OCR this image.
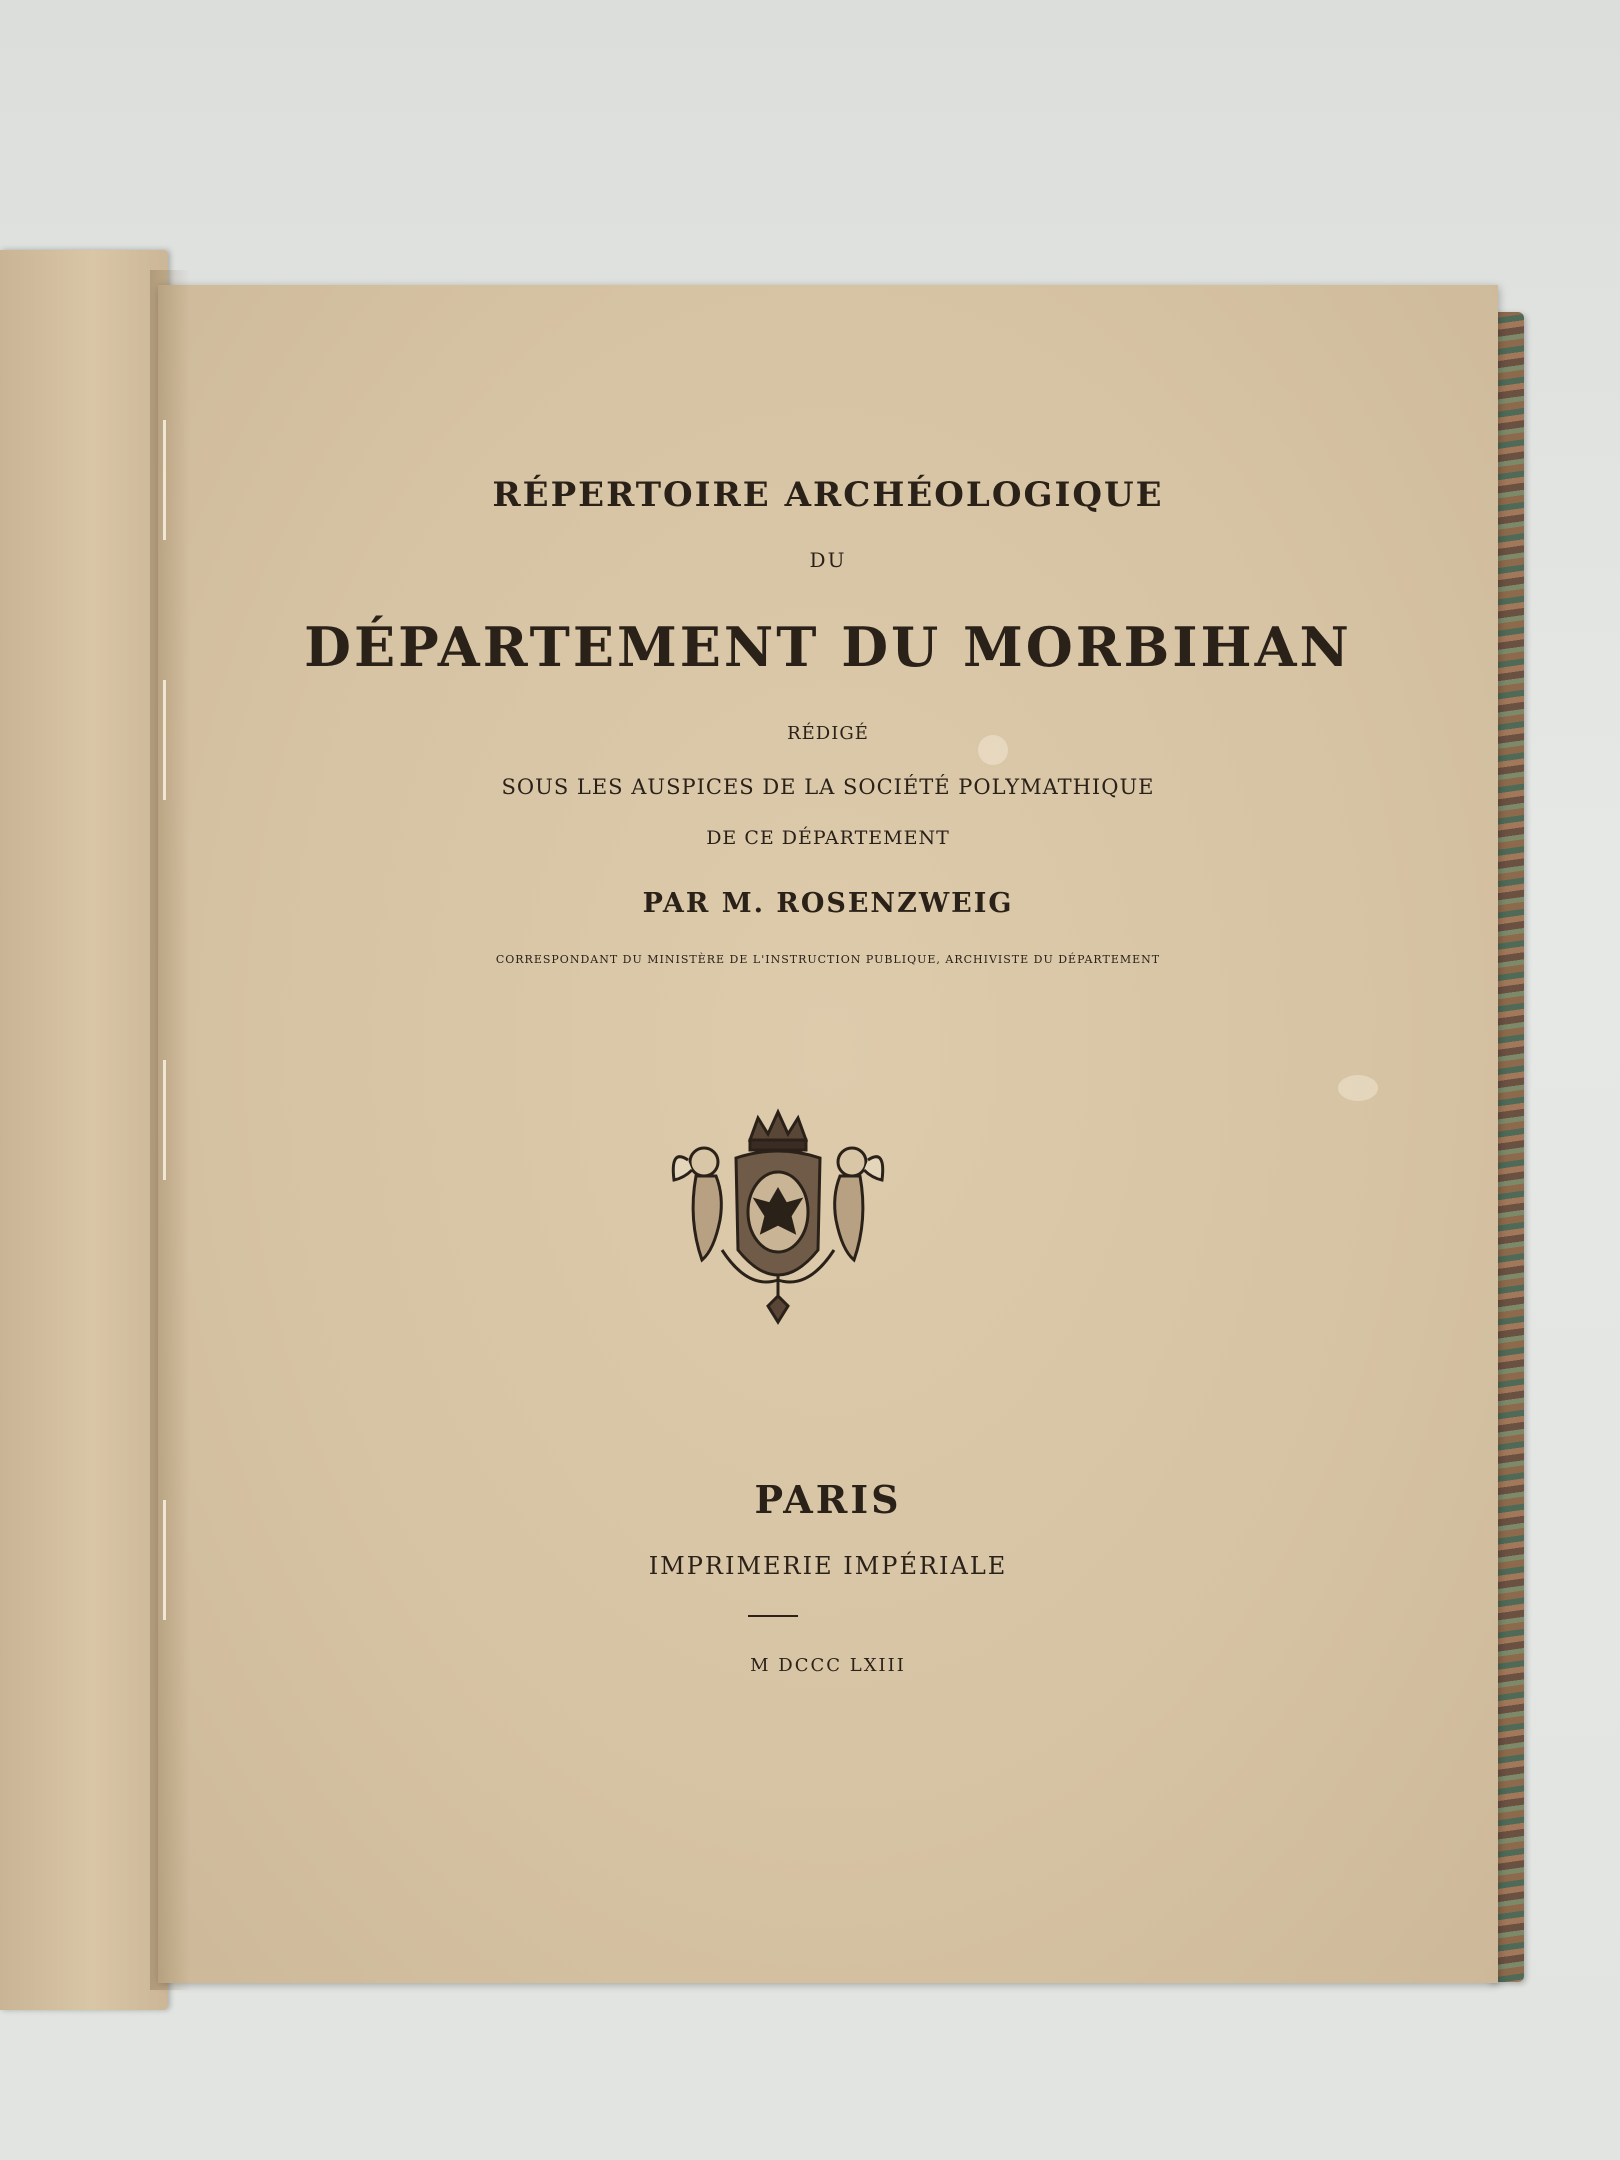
RÉPERTOIRE ARCHÉOLOGIQUE
DU
DÉPARTEMENT DU MORBIHAN
RÉDIGÉ
SOUS LES AUSPICES DE LA SOCIÉTÉ POLYMATHIQUE
DE CE DÉPARTEMENT
PAR M. ROSENZWEIG
CORRESPONDANT DU MINISTÈRE DE L'INSTRUCTION PUBLIQUE, ARCHIVISTE DU DÉPARTEMENT
PARIS
IMPRIMERIE IMPÉRIALE
M DCCC LXIII
